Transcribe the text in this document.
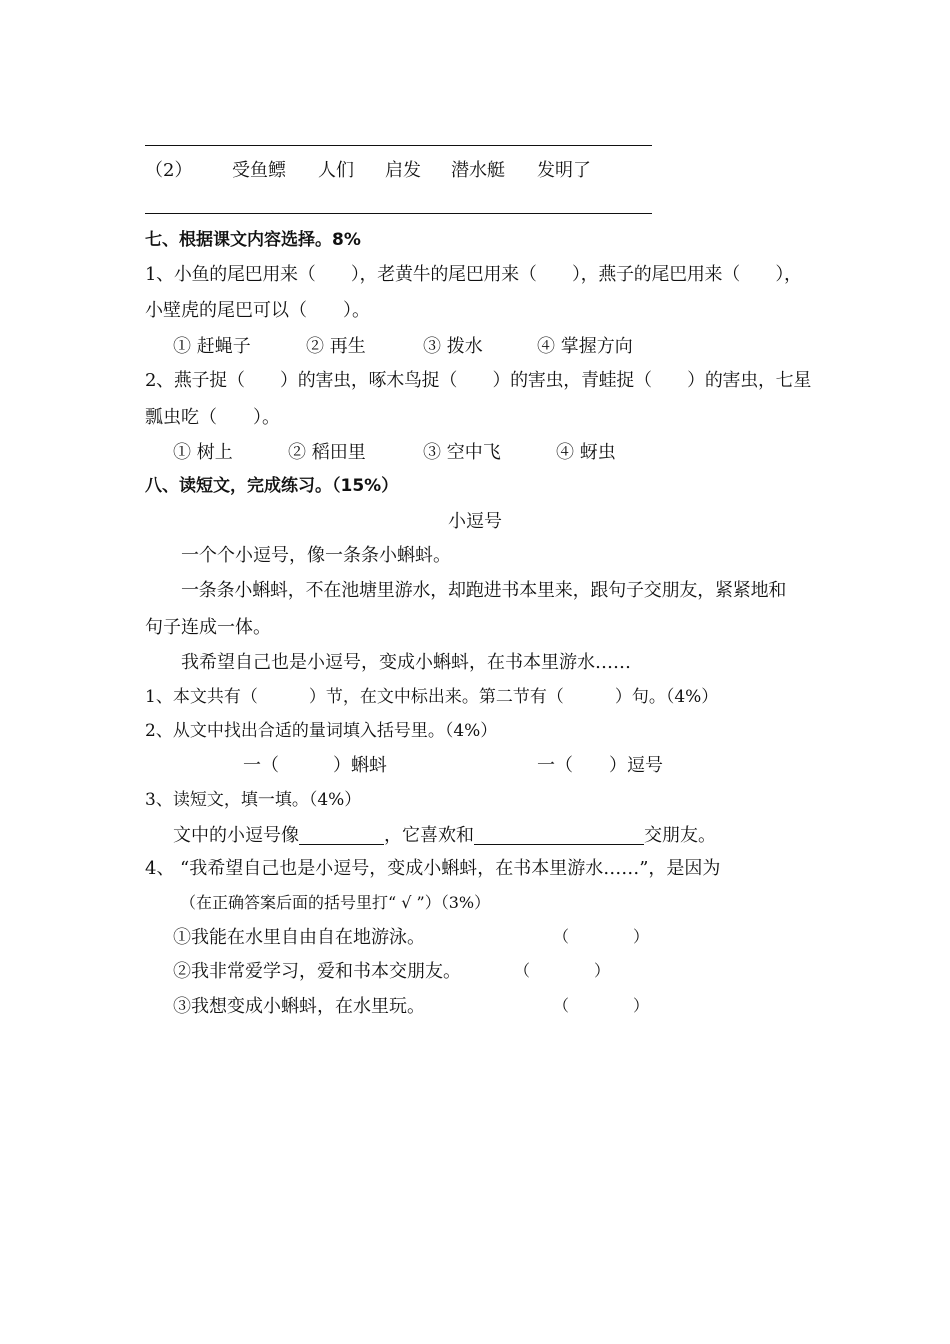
（2） 受鱼鳔 人们 启发 潜水艇 发明了
七、根据课文内容选择。8%
1、小鱼的尾巴用来（　　），老黄牛的尾巴用来（　　），燕子的尾巴用来（　　），
小壁虎的尾巴可以（　　）。
① 赶蝇子	② 再生	③ 拨水	④ 掌握方向
2、燕子捉（　　）的害虫，啄木鸟捉（　　）的害虫，青蛙捉（　　）的害虫，七星
瓢虫吃（　　）。
① 树上	② 稻田里	③ 空中飞	④ 蚜虫
八、读短文，完成练习。（15%）
小逗号
一个个小逗号，像一条条小蝌蚪。
一条条小蝌蚪，不在池塘里游水，却跑进书本里来，跟句子交朋友，紧紧地和
句子连成一体。
我希望自己也是小逗号，变成小蝌蚪，在书本里游水……
1、本文共有（　　　）节，在文中标出来。第二节有（　　　）句。（4%）
2、从文中找出合适的量词填入括号里。（4%）
一（　　　）蝌蚪	一（　　）逗号
3、读短文，填一填。（4%）
文中的小逗号像	，它喜欢和	交朋友。
4、 “我希望自己也是小逗号，变成小蝌蚪，在书本里游水……”，是因为
（在正确答案后面的括号里打“ √ ”）（3%）
①我能在水里自由自在地游泳。	（　　　　）
②我非常爱学习，爱和书本交朋友。	（　　　　）
③我想变成小蝌蚪，在水里玩。	（　　　　）
